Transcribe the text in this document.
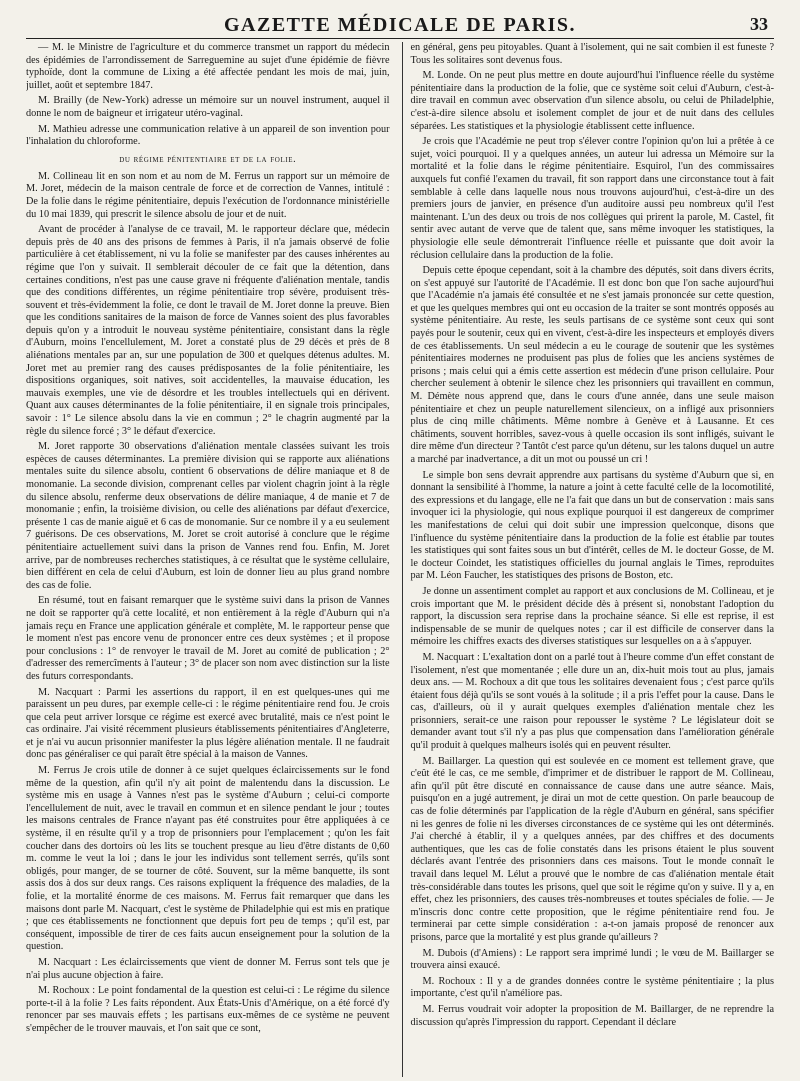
GAZETTE MÉDICALE DE PARIS.	33

— M. le Ministre de l'agriculture et du commerce transmet un rapport du médecin des épidémies de l'arrondissement de Sarreguemine au sujet d'une épidémie de fièvre typhoïde, dont la commune de Lixing a été affectée pendant les mois de mai, juin, juillet, août et septembre 1847.

M. Brailly (de New-York) adresse un mémoire sur un nouvel instrument, auquel il donne le nom de baigneur et irrigateur utéro-vaginal.

M. Mathieu adresse une communication relative à un appareil de son invention pour l'inhalation du chloroforme.

du régime pénitentiaire et de la folie.

M. Collineau lit en son nom et au nom de M. Ferrus un rapport sur un mémoire de M. Joret, médecin de la maison centrale de force et de correction de Vannes, intitulé : De la folie dans le régime pénitentiaire, depuis l'exécution de l'ordonnance ministérielle du 10 mai 1839, qui prescrit le silence absolu de jour et de nuit.

Avant de procéder à l'analyse de ce travail, M. le rapporteur déclare que, médecin depuis près de 40 ans des prisons de femmes à Paris, il n'a jamais observé de folie particulière à cet établissement, ni vu la folie se manifester par des causes inhérentes au régime que l'on y suivait. Il semblerait découler de ce fait que la détention, dans certaines conditions, n'est pas une cause grave ni fréquente d'aliénation mentale, tandis que des conditions différentes, un régime pénitentiaire trop sévère, produisent très-souvent et très-évidemment la folie, ce dont le travail de M. Joret donne la preuve. Bien que les conditions sanitaires de la maison de force de Vannes soient des plus favorables depuis qu'on y a introduit le nouveau système pénitentiaire, consistant dans la règle d'Auburn, moins l'encellulement, M. Joret a constaté plus de 29 décès et près de 8 aliénations mentales par an, sur une population de 300 et quelques détenus adultes. M. Joret met au premier rang des causes prédisposantes de la folie pénitentiaire, les dispositions organiques, soit natives, soit accidentelles, la mauvaise éducation, les mauvais exemples, une vie de désordre et les troubles intellectuels qui en dérivent. Quant aux causes déterminantes de la folie pénitentiaire, il en signale trois principales, savoir : 1° Le silence absolu dans la vie en commun ; 2° le chagrin augmenté par la règle du silence forcé ; 3° le défaut d'exercice.

M. Joret rapporte 30 observations d'aliénation mentale classées suivant les trois espèces de causes déterminantes. La première division qui se rapporte aux aliénations mentales suite du silence absolu, contient 6 observations de délire maniaque et 8 de monomanie. La seconde division, comprenant celles par violent chagrin joint à la règle du silence absolu, renferme deux observations de délire maniaque, 4 de manie et 7 de monomanie ; enfin, la troisième division, ou celle des aliénations par défaut d'exercice, présente 1 cas de manie aiguë et 6 cas de monomanie. Sur ce nombre il y a eu seulement 7 guérisons. De ces observations, M. Joret se croit autorisé à conclure que le régime pénitentiaire actuellement suivi dans la prison de Vannes rend fou. Enfin, M. Joret arrive, par de nombreuses recherches statistiques, à ce résultat que le système cellulaire, bien différent en cela de celui d'Auburn, est loin de donner lieu au plus grand nombre des cas de folie.

En résumé, tout en faisant remarquer que le système suivi dans la prison de Vannes ne doit se rapporter qu'à cette localité, et non entièrement à la règle d'Auburn qui n'a jamais reçu en France une application générale et complète, M. le rapporteur pense que le moment n'est pas encore venu de prononcer entre ces deux systèmes ; et il propose pour conclusions : 1° de renvoyer le travail de M. Joret au comité de publication ; 2° d'adresser des remercîments à l'auteur ; 3° de placer son nom avec distinction sur la liste des futurs correspondants.

M. Nacquart : Parmi les assertions du rapport, il en est quelques-unes qui me paraissent un peu dures, par exemple celle-ci : le régime pénitentiaire rend fou. Je crois que cela peut arriver lorsque ce régime est exercé avec brutalité, mais ce n'est point le cas ordinaire. J'ai visité récemment plusieurs établissements pénitentiaires d'Angleterre, et je n'ai vu aucun prisonnier manifester la plus légère aliénation mentale. Il ne faudrait donc pas généraliser ce qui paraît être spécial à la maison de Vannes.

M. Ferrus Je crois utile de donner à ce sujet quelques éclaircissements sur le fond même de la question, afin qu'il n'y ait point de malentendu dans la discussion. Le système mis en usage à Vannes n'est pas le système d'Auburn ; celui-ci comporte l'encellulement de nuit, avec le travail en commun et en silence pendant le jour ; toutes les maisons centrales de France n'ayant pas été construites pour être appliquées à ce système, il en résulte qu'il y a trop de prisonniers pour l'emplacement ; qu'on les fait coucher dans des dortoirs où les lits se touchent presque au lieu d'être distants de 0,60 m. comme le veut la loi ; dans le jour les individus sont tellement serrés, qu'ils sont obligés, pour manger, de se tourner de côté. Souvent, sur la même banquette, ils sont assis dos à dos sur deux rangs. Ces raisons expliquent la fréquence des maladies, de la folie, et la mortalité énorme de ces maisons. M. Ferrus fait remarquer que dans les maisons dont parle M. Nacquart, c'est le système de Philadelphie qui est mis en pratique ; que ces établissements ne fonctionnent que depuis fort peu de temps ; qu'il est, par conséquent, impossible de tirer de ces faits aucun enseignement pour la solution de la question.

M. Nacquart : Les éclaircissements que vient de donner M. Ferrus sont tels que je n'ai plus aucune objection à faire.

M. Rochoux : Le point fondamental de la question est celui-ci : Le régime du silence porte-t-il à la folie ? Les faits répondent. Aux États-Unis d'Amérique, on a été forcé d'y renoncer par ses mauvais effets ; les partisans eux-mêmes de ce système ne peuvent s'empêcher de le trouver mauvais, et l'on sait que ce sont,

en général, gens peu pitoyables. Quant à l'isolement, qui ne sait combien il est funeste ? Tous les solitaires sont devenus fous.

M. Londe. On ne peut plus mettre en doute aujourd'hui l'influence réelle du système pénitentiaire dans la production de la folie, que ce système soit celui d'Auburn, c'est-à-dire travail en commun avec observation d'un silence absolu, ou celui de Philadelphie, c'est-à-dire silence absolu et isolement complet de jour et de nuit dans des cellules séparées. Les statistiques et la physiologie établissent cette influence.

Je crois que l'Académie ne peut trop s'élever contre l'opinion qu'on lui a prêtée à ce sujet, voici pourquoi. Il y a quelques années, un auteur lui adressa un Mémoire sur la mortalité et la folie dans le régime pénitentiaire. Esquirol, l'un des commissaires auxquels fut confié l'examen du travail, fit son rapport dans une circonstance tout à fait semblable à celle dans laquelle nous nous trouvons aujourd'hui, c'est-à-dire un des premiers jours de janvier, en présence d'un auditoire aussi peu nombreux qu'il l'est maintenant. L'un des deux ou trois de nos collègues qui prirent la parole, M. Castel, fit sentir avec autant de verve que de talent que, sans même invoquer les statistiques, la physiologie elle seule démontrerait l'influence réelle et puissante que doit avoir la réclusion cellulaire dans la production de la folie.

Depuis cette époque cependant, soit à la chambre des députés, soit dans divers écrits, on s'est appuyé sur l'autorité de l'Académie. Il est donc bon que l'on sache aujourd'hui que l'Académie n'a jamais été consultée et ne s'est jamais prononcée sur cette question, et que les quelques membres qui ont eu occasion de la traiter se sont montrés opposés au système pénitentiaire. Au reste, les seuls partisans de ce système sont ceux qui sont payés pour le soutenir, ceux qui en vivent, c'est-à-dire les inspecteurs et employés divers de ces établissements. Un seul médecin a eu le courage de soutenir que les systèmes pénitentiaires modernes ne produisent pas plus de folies que les anciens systèmes de prisons ; mais celui qui a émis cette assertion est médecin d'une prison cellulaire. Pour chercher seulement à obtenir le silence chez les prisonniers qui travaillent en commun, M. Démète nous apprend que, dans le cours d'une année, dans une seule maison pénitentiaire et chez un peuple naturellement silencieux, on a infligé aux prisonniers plus de cinq mille châtiments. Même nombre à Genève et à Lausanne. Et ces châtiments, souvent horribles, savez-vous à quelle occasion ils sont infligés, suivant le dire même d'un directeur ? Tantôt c'est parce qu'un détenu, sur les talons duquel un autre a marché par inadvertance, a dit un mot ou poussé un cri !

Le simple bon sens devrait apprendre aux partisans du système d'Auburn que si, en donnant la sensibilité à l'homme, la nature a joint à cette faculté celle de la locomotilité, des expressions et du langage, elle ne l'a fait que dans un but de conservation : mais sans invoquer ici la physiologie, qui nous explique pourquoi il est dangereux de comprimer les manifestations de celui qui doit subir une impression quelconque, disons que l'influence du système pénitentiaire dans la production de la folie est établie par toutes les statistiques qui sont faites sous un but d'intérêt, celles de M. le docteur Gosse, de M. le docteur Coindet, les statistiques officielles du journal anglais le Times, reproduites par M. Léon Faucher, les statistiques des prisons de Boston, etc.

Je donne un assentiment complet au rapport et aux conclusions de M. Collineau, et je crois important que M. le président décide dès à présent si, nonobstant l'adoption du rapport, la discussion sera reprise dans la prochaine séance. Si elle est reprise, il est indispensable de se munir de quelques notes ; car il est difficile de conserver dans la mémoire les chiffres exacts des diverses statistiques sur lesquelles on a à s'appuyer.

M. Nacquart : L'exaltation dont on a parlé tout à l'heure comme d'un effet constant de l'isolement, n'est que momentanée ; elle dure un an, dix-huit mois tout au plus, jamais deux ans. — M. Rochoux a dit que tous les solitaires devenaient fous ; c'est parce qu'ils étaient fous déjà qu'ils se sont voués à la solitude ; il a pris l'effet pour la cause. Dans le cas, d'ailleurs, où il y aurait quelques exemples d'aliénation mentale chez les prisonniers, serait-ce une raison pour repousser le système ? Le législateur doit se demander avant tout s'il n'y a pas plus que compensation dans l'amélioration générale qu'il produit à quelques malheurs isolés qui en peuvent résulter.

M. Baillarger. La question qui est soulevée en ce moment est tellement grave, que c'eût été le cas, ce me semble, d'imprimer et de distribuer le rapport de M. Collineau, afin qu'il pût être discuté en connaissance de cause dans une autre séance. Mais, puisqu'on en a jugé autrement, je dirai un mot de cette question. On parle beaucoup de cas de folie déterminés par l'application de la règle d'Auburn en général, sans spécifier ni les genres de folie ni les diverses circonstances de ce système qui les ont déterminés. J'ai cherché à établir, il y a quelques années, par des chiffres et des documents authentiques, que les cas de folie constatés dans les prisons étaient le plus souvent déclarés avant l'entrée des prisonniers dans ces maisons. Tout le monde connaît le travail dans lequel M. Lélut a prouvé que le nombre de cas d'aliénation mentale était très-considérable dans toutes les prisons, quel que soit le régime qu'on y suive. Il y a, en effet, chez les prisonniers, des causes très-nombreuses et toutes spéciales de folie. — Je m'inscris donc contre cette proposition, que le régime pénitentiaire rend fou. Je terminerai par cette simple considération : a-t-on jamais proposé de renoncer aux prisons, parce que la mortalité y est plus grande qu'ailleurs ?

M. Dubois (d'Amiens) : Le rapport sera imprimé lundi ; le vœu de M. Baillarger se trouvera ainsi exaucé.

M. Rochoux : Il y a de grandes données contre le système pénitentiaire ; la plus importante, c'est qu'il n'améliore pas.

M. Ferrus voudrait voir adopter la proposition de M. Baillarger, de ne reprendre la discussion qu'après l'impression du rapport. Cependant il déclare
